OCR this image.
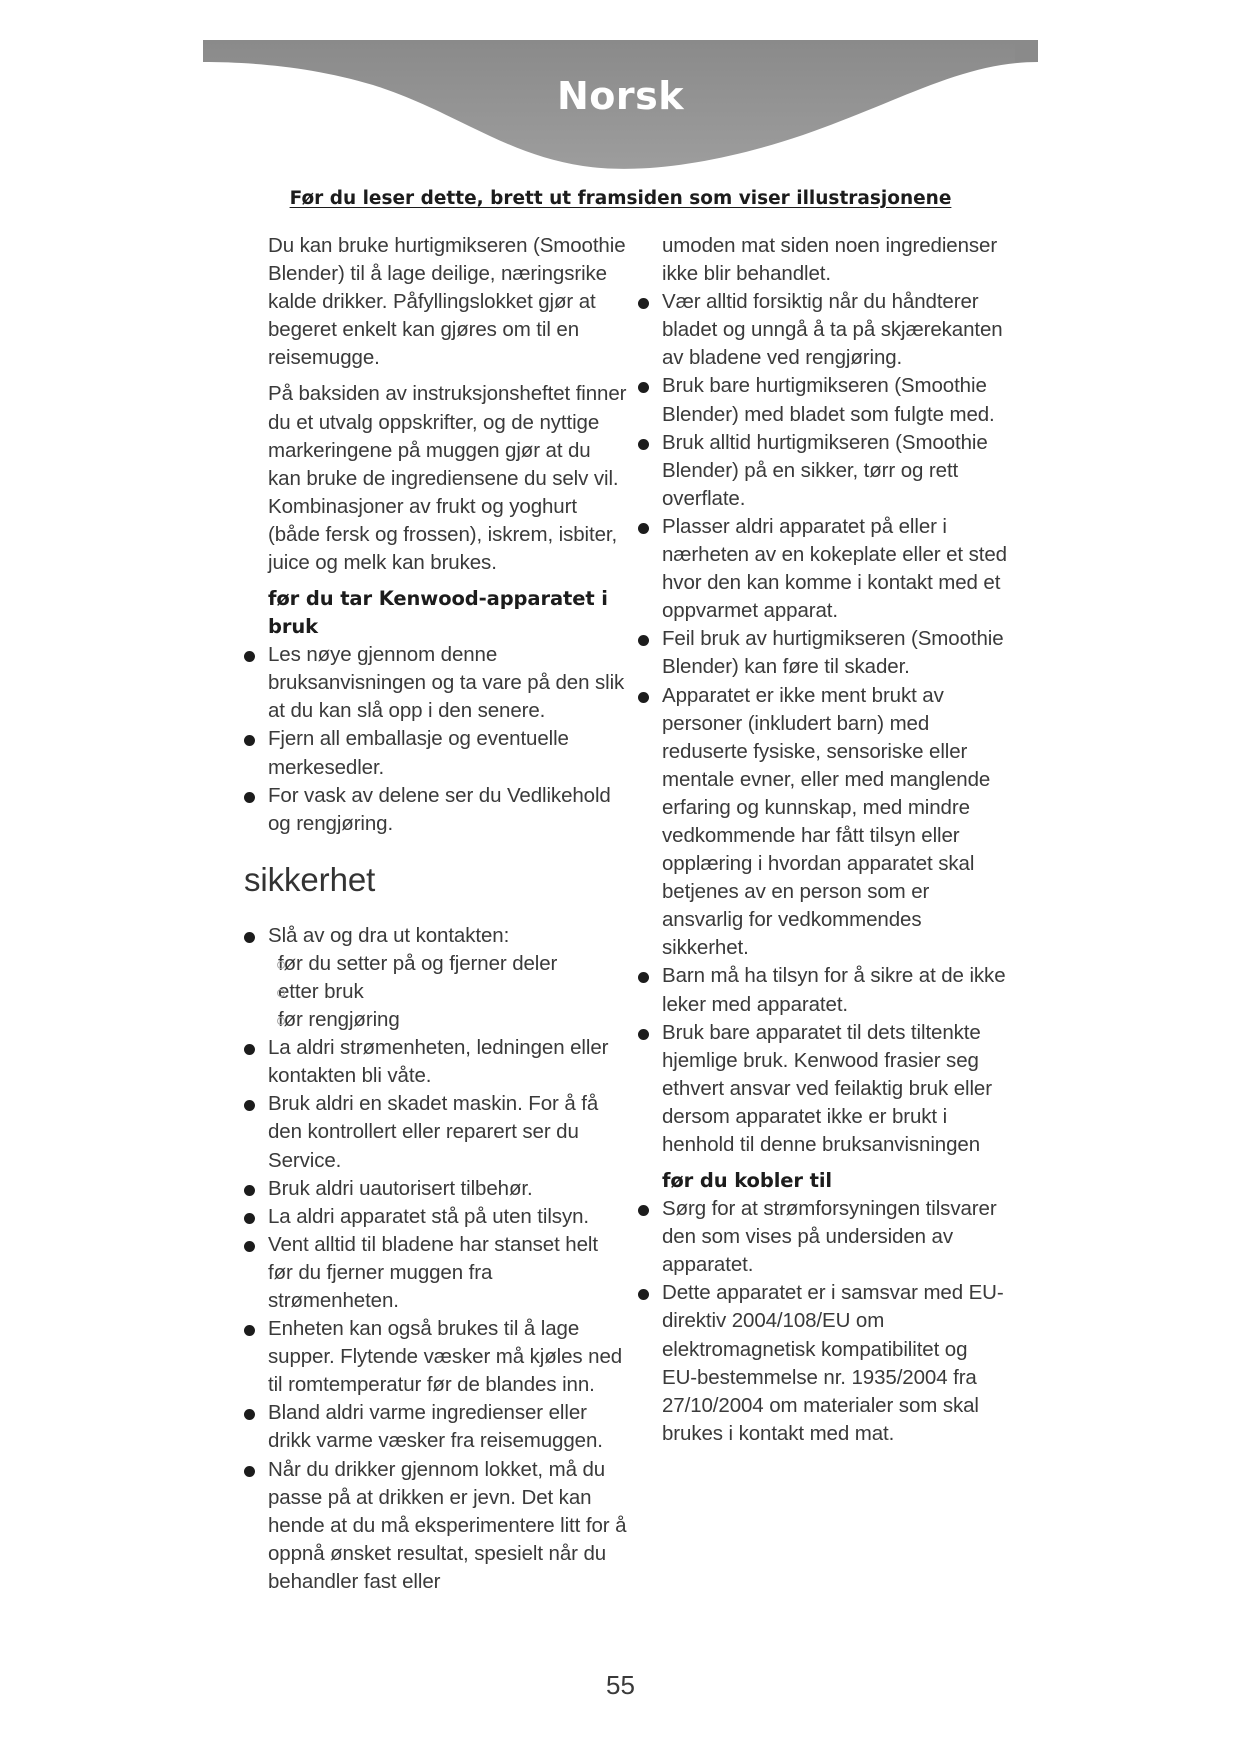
Norsk
Før du leser dette, brett ut framsiden som viser illustrasjonene

Du kan bruke hurtigmikseren (Smoothie Blender) til å lage deilige, næringsrike kalde drikker. Påfyllingslokket gjør at begeret enkelt kan gjøres om til en reisemugge.

På baksiden av instruksjonsheftet finner du et utvalg oppskrifter, og de nyttige markeringene på muggen gjør at du kan bruke de ingrediensene du selv vil. Kombinasjoner av frukt og yoghurt (både fersk og frossen), iskrem, isbiter, juice og melk kan brukes.

før du tar Kenwood-apparatet i bruk
Les nøye gjennom denne bruksanvisningen og ta vare på den slik at du kan slå opp i den senere.
Fjern all emballasje og eventuelle merkesedler.
For vask av delene ser du Vedlikehold og rengjøring.
sikkerhet
Slå av og dra ut kontakten:
før du setter på og fjerner deler
etter bruk
før rengjøring
La aldri strømenheten, ledningen eller kontakten bli våte.
Bruk aldri en skadet maskin. For å få den kontrollert eller reparert ser du Service.
Bruk aldri uautorisert tilbehør.
La aldri apparatet stå på uten tilsyn.
Vent alltid til bladene har stanset helt før du fjerner muggen fra strømenheten.
Enheten kan også brukes til å lage supper. Flytende væsker må kjøles ned til romtemperatur før de blandes inn.
Bland aldri varme ingredienser eller drikk varme væsker fra reisemuggen.
Når du drikker gjennom lokket, må du passe på at drikken er jevn. Det kan hende at du må eksperimentere litt for å oppnå ønsket resultat, spesielt når du behandler fast eller
umoden mat siden noen ingredienser ikke blir behandlet.
Vær alltid forsiktig når du håndterer bladet og unngå å ta på skjærekanten av bladene ved rengjøring.
Bruk bare hurtigmikseren (Smoothie Blender) med bladet som fulgte med.
Bruk alltid hurtigmikseren (Smoothie Blender) på en sikker, tørr og rett overflate.
Plasser aldri apparatet på eller i nærheten av en kokeplate eller et sted hvor den kan komme i kontakt med et oppvarmet apparat.
Feil bruk av hurtigmikseren (Smoothie Blender) kan føre til skader.
Apparatet er ikke ment brukt av personer (inkludert barn) med reduserte fysiske, sensoriske eller mentale evner, eller med manglende erfaring og kunnskap, med mindre vedkommende har fått tilsyn eller opplæring i hvordan apparatet skal betjenes av en person som er ansvarlig for vedkommendes sikkerhet.
Barn må ha tilsyn for å sikre at de ikke leker med apparatet.
Bruk bare apparatet til dets tiltenkte hjemlige bruk. Kenwood frasier seg ethvert ansvar ved feilaktig bruk eller dersom apparatet ikke er brukt i henhold til denne bruksanvisningen
før du kobler til
Sørg for at strømforsyningen tilsvarer den som vises på undersiden av apparatet.
Dette apparatet er i samsvar med EU-direktiv 2004/108/EU om elektromagnetisk kompatibilitet og EU-bestemmelse nr. 1935/2004 fra 27/10/2004 om materialer som skal brukes i kontakt med mat.
55
